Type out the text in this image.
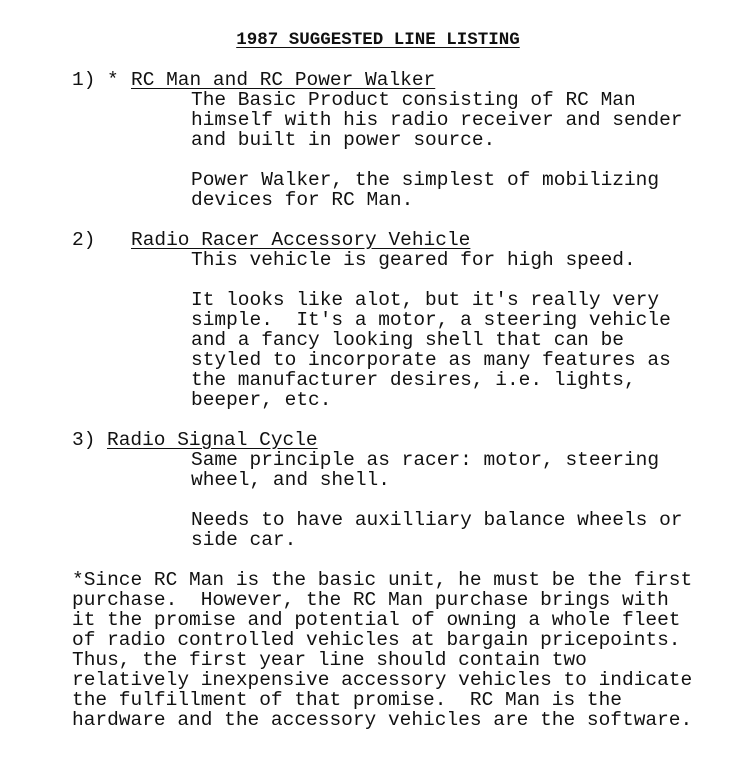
1987 SUGGESTED LINE LISTING
1) * RC Man and RC Power Walker
The Basic Product consisting of RC Man
himself with his radio receiver and sender
and built in power source.
Power Walker, the simplest of mobilizing
devices for RC Man.
2) Radio Racer Accessory Vehicle
This vehicle is geared for high speed.
It looks like alot, but it's really very
simple.  It's a motor, a steering vehicle
and a fancy looking shell that can be
styled to incorporate as many features as
the manufacturer desires, i.e. lights,
beeper, etc.
3) Radio Signal Cycle
Same principle as racer: motor, steering
wheel, and shell.
Needs to have auxilliary balance wheels or
side car.
*Since RC Man is the basic unit, he must be the first
purchase.  However, the RC Man purchase brings with
it the promise and potential of owning a whole fleet
of radio controlled vehicles at bargain pricepoints.
Thus, the first year line should contain two
relatively inexpensive accessory vehicles to indicate
the fulfillment of that promise.  RC Man is the
hardware and the accessory vehicles are the software.
